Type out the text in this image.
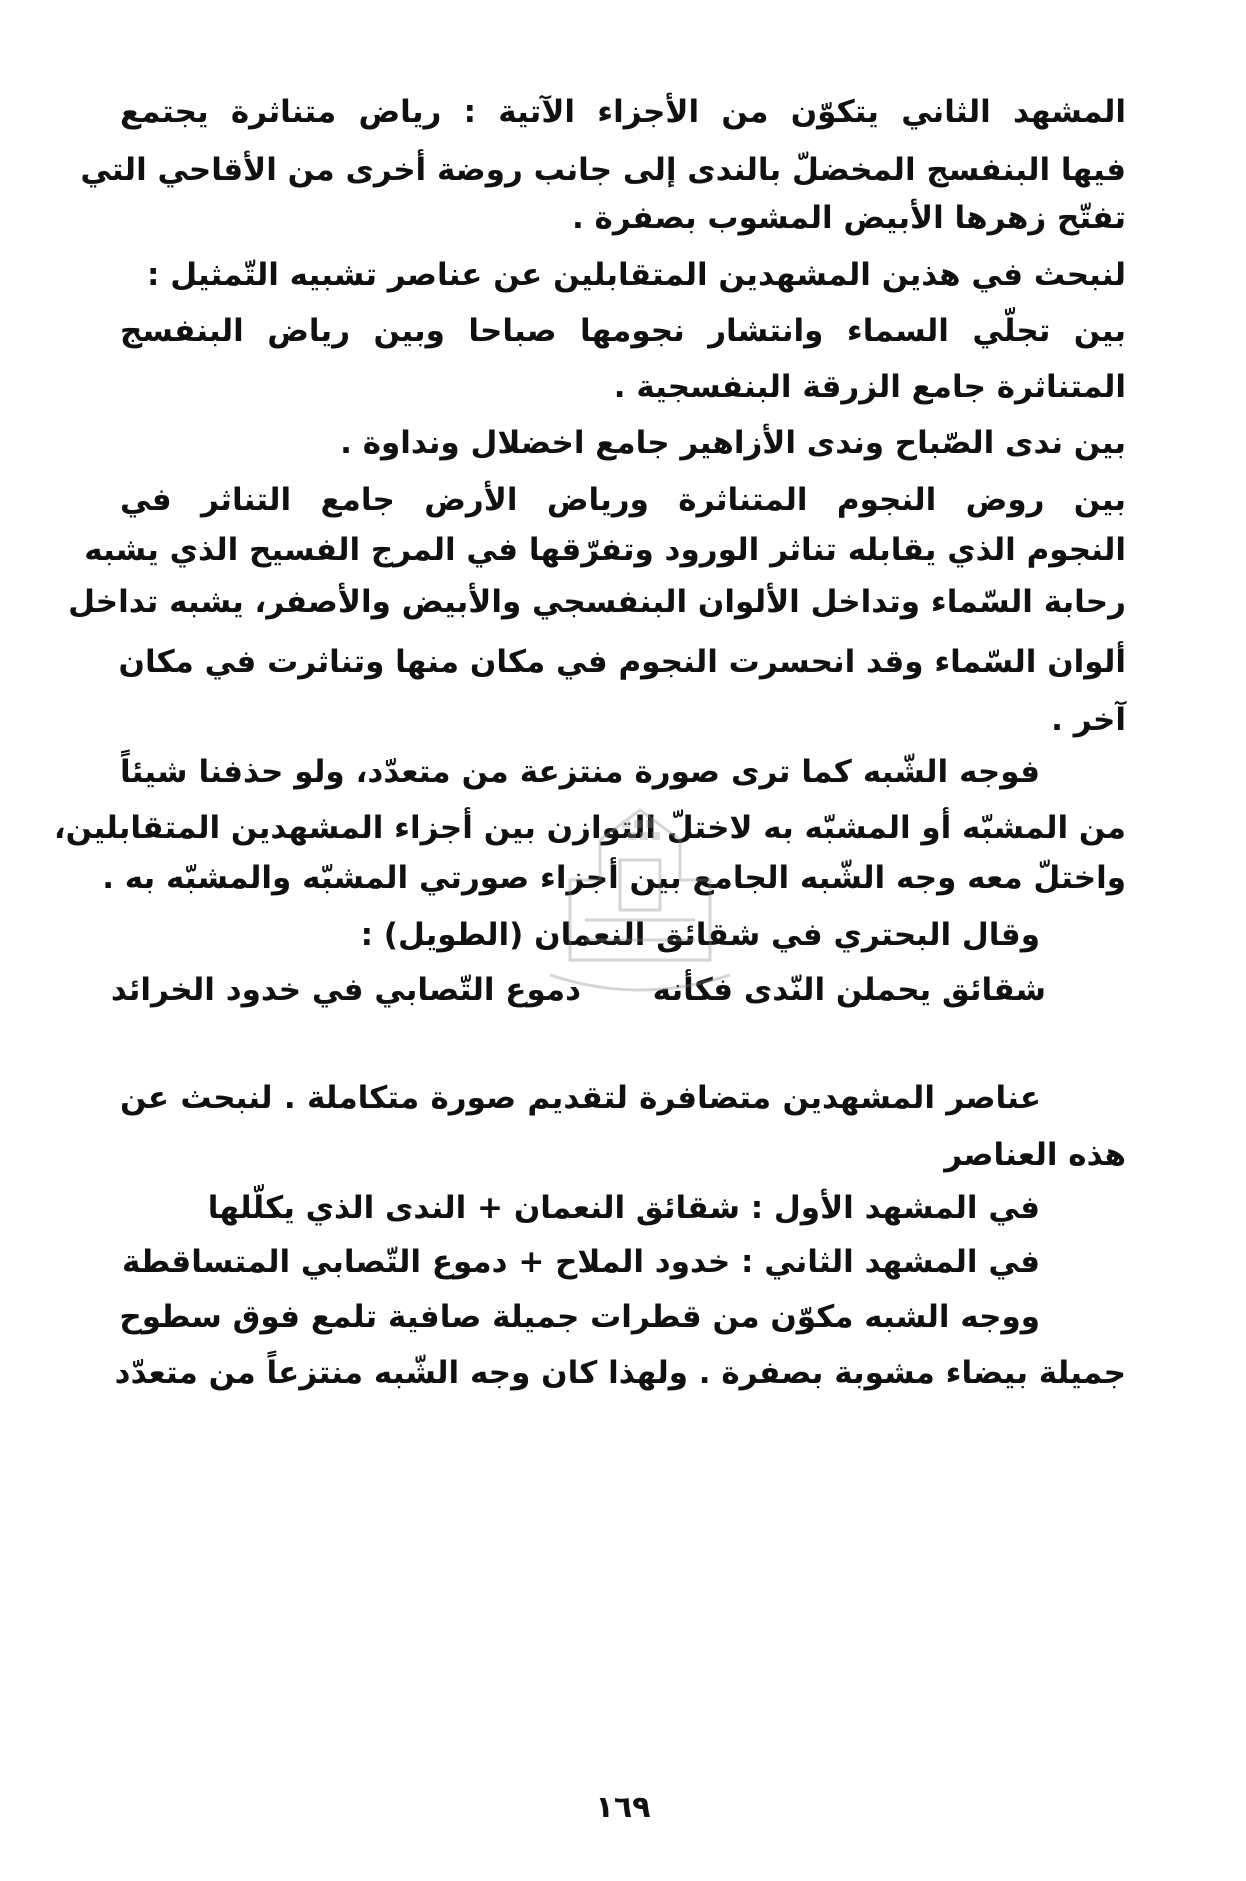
المشهد الثاني يتكوّن من الأجزاء الآتية : رياض متناثرة يجتمع
فيها البنفسج المخضلّ بالندى إلى جانب روضة أخرى من الأقاحي التي
تفتّح زهرها الأبيض المشوب بصفرة .
لنبحث في هذين المشهدين المتقابلين عن عناصر تشبيه التّمثيل :
بين تجلّي السماء وانتشار نجومها صباحا وبين رياض البنفسج
المتناثرة جامع الزرقة البنفسجية .
بين ندى الصّباح وندى الأزاهير جامع اخضلال ونداوة .
بين روض النجوم المتناثرة ورياض الأرض جامع التناثر في
النجوم الذي يقابله تناثر الورود وتفرّقها في المرج الفسيح الذي يشبه
رحابة السّماء وتداخل الألوان البنفسجي والأبيض والأصفر، يشبه تداخل
ألوان السّماء وقد انحسرت النجوم في مكان منها وتناثرت في مكان
آخر .
فوجه الشّبه كما ترى صورة منتزعة من متعدّد، ولو حذفنا شيئاً
من المشبّه أو المشبّه به لاختلّ التوازن بين أجزاء المشهدين المتقابلين،
واختلّ معه وجه الشّبه الجامع بين أجزاء صورتي المشبّه والمشبّه به .
وقال البحتري في شقائق النعمان (الطويل) :
شقائق يحملن النّدى فكأنه
دموع التّصابي في خدود الخرائد
عناصر المشهدين متضافرة لتقديم صورة متكاملة . لنبحث عن
هذه العناصر
في المشهد الأول : شقائق النعمان + الندى الذي يكلّلها
في المشهد الثاني : خدود الملاح + دموع التّصابي المتساقطة
ووجه الشبه مكوّن من قطرات جميلة صافية تلمع فوق سطوح
جميلة بيضاء مشوبة بصفرة . ولهذا كان وجه الشّبه منتزعاً من متعدّد
١٦٩
